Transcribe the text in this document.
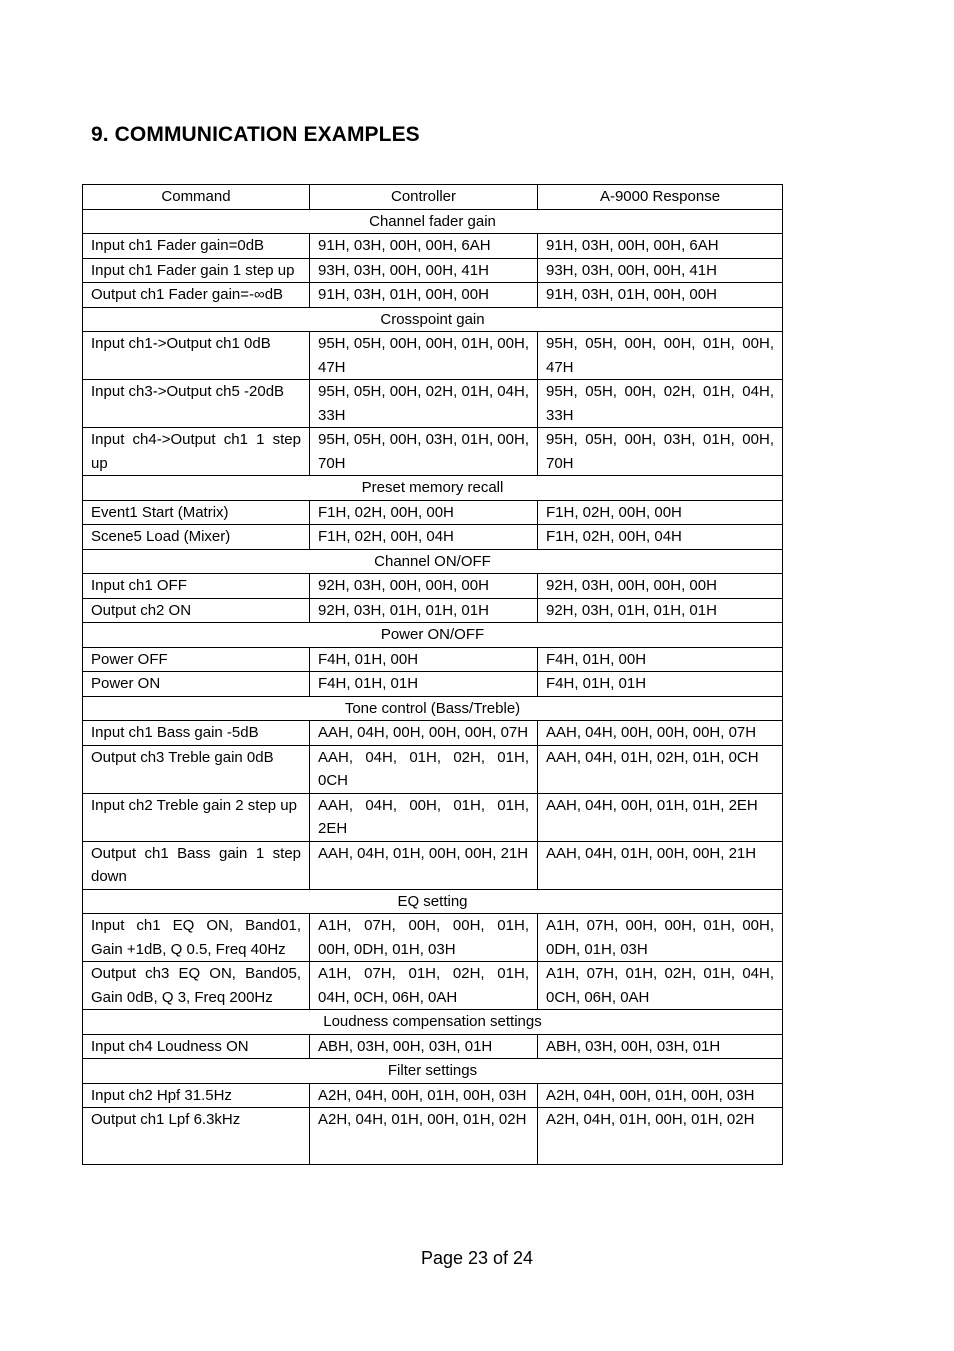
9. COMMUNICATION EXAMPLES
Command	Controller	A-9000 Response
Channel fader gain		
Input ch1 Fader gain=0dB	91H, 03H, 00H, 00H, 6AH	91H, 03H, 00H, 00H, 6AH
Input ch1 Fader gain 1 step up	93H, 03H, 00H, 00H, 41H	93H, 03H, 00H, 00H, 41H
Output ch1 Fader gain=-∞dB	91H, 03H, 01H, 00H, 00H	91H, 03H, 01H, 00H, 00H
Crosspoint gain		
Input ch1->Output ch1 0dB	95H, 05H, 00H, 00H, 01H, 00H, 47H	95H, 05H, 00H, 00H, 01H, 00H, 47H
Input ch3->Output ch5 -20dB	95H, 05H, 00H, 02H, 01H, 04H, 33H	95H, 05H, 00H, 02H, 01H, 04H, 33H
Input ch4->Output ch1 1 step up	95H, 05H, 00H, 03H, 01H, 00H, 70H	95H, 05H, 00H, 03H, 01H, 00H, 70H
Preset memory recall		
Event1 Start (Matrix)	F1H, 02H, 00H, 00H	F1H, 02H, 00H, 00H
Scene5 Load (Mixer)	F1H, 02H, 00H, 04H	F1H, 02H, 00H, 04H
Channel ON/OFF		
Input ch1 OFF	92H, 03H, 00H, 00H, 00H	92H, 03H, 00H, 00H, 00H
Output ch2 ON	92H, 03H, 01H, 01H, 01H	92H, 03H, 01H, 01H, 01H
Power ON/OFF		
Power OFF	F4H, 01H, 00H	F4H, 01H, 00H
Power ON	F4H, 01H, 01H	F4H, 01H, 01H
Tone control (Bass/Treble)		
Input ch1 Bass gain -5dB	AAH, 04H, 00H, 00H, 00H, 07H	AAH, 04H, 00H, 00H, 00H, 07H
Output ch3 Treble gain 0dB	AAH, 04H, 01H, 02H, 01H, 0CH	AAH, 04H, 01H, 02H, 01H, 0CH
Input ch2 Treble gain 2 step up	AAH, 04H, 00H, 01H, 01H, 2EH	AAH, 04H, 00H, 01H, 01H, 2EH
Output ch1 Bass gain 1 step down	AAH, 04H, 01H, 00H, 00H, 21H	AAH, 04H, 01H, 00H, 00H, 21H
EQ setting		
Input ch1 EQ ON, Band01, Gain +1dB, Q 0.5, Freq 40Hz	A1H, 07H, 00H, 00H, 01H, 00H, 0DH, 01H, 03H	A1H, 07H, 00H, 00H, 01H, 00H, 0DH, 01H, 03H
Output ch3 EQ ON, Band05, Gain 0dB, Q 3, Freq 200Hz	A1H, 07H, 01H, 02H, 01H, 04H, 0CH, 06H, 0AH	A1H, 07H, 01H, 02H, 01H, 04H, 0CH, 06H, 0AH
Loudness compensation settings		
Input ch4 Loudness ON	ABH, 03H, 00H, 03H, 01H	ABH, 03H, 00H, 03H, 01H
Filter settings		
Input ch2 Hpf 31.5Hz	A2H, 04H, 00H, 01H, 00H, 03H	A2H, 04H, 00H, 01H, 00H, 03H
Output ch1 Lpf 6.3kHz	A2H, 04H, 01H, 00H, 01H, 02H	A2H, 04H, 01H, 00H, 01H, 02H
Page 23 of 24
